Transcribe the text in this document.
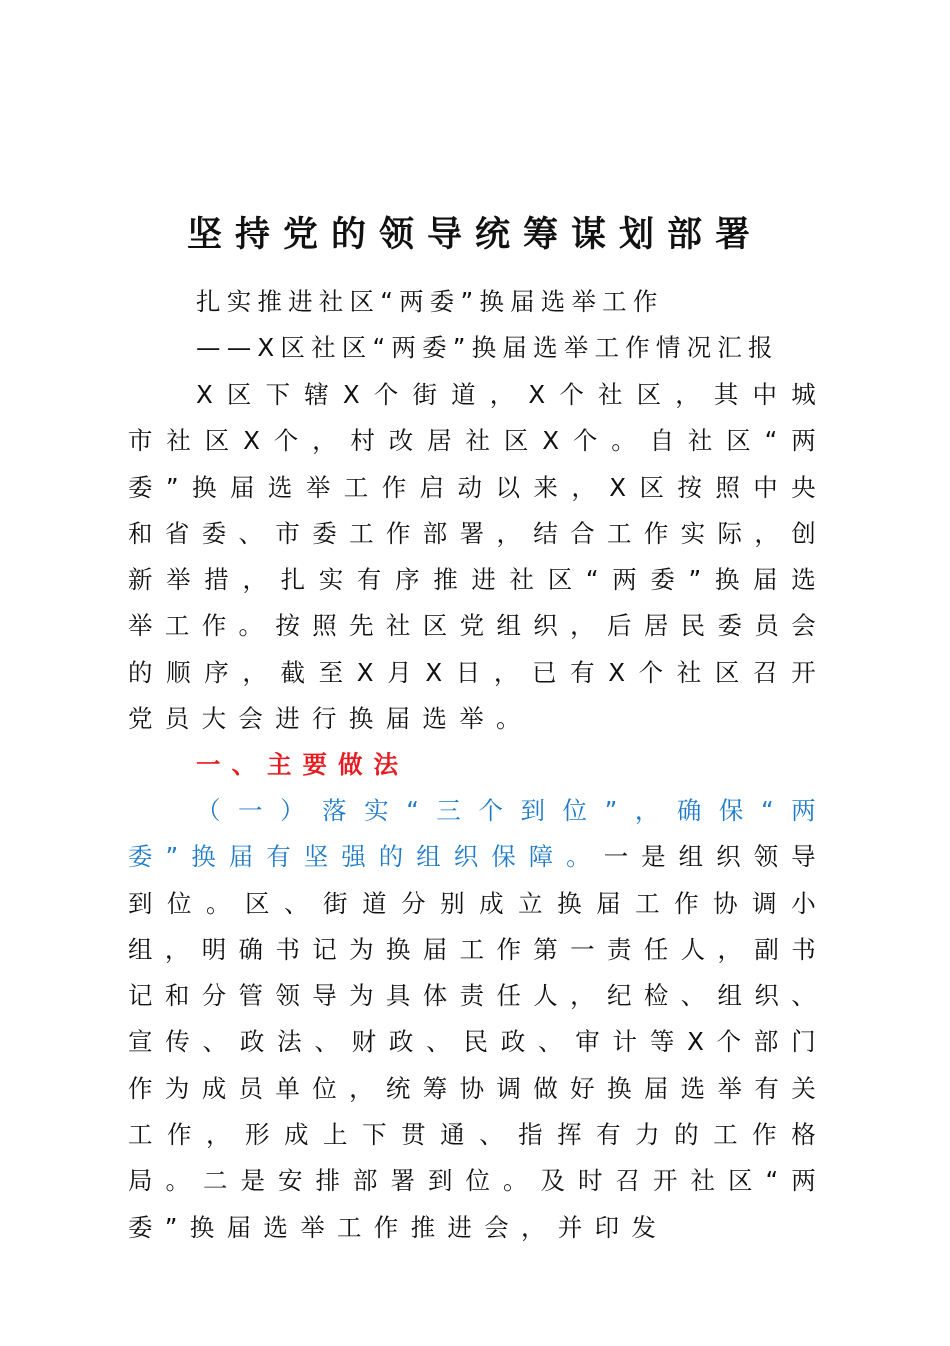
坚持党的领导统筹谋划部署
扎实推进社区“两委”换届选举工作
——X区社区“两委”换届选举工作情况汇报

X区下辖X个街道，X个社区，其中城市社区X个，村改居社区X个。自社区“两委”换届选举工作启动以来，X区按照中央和省委、市委工作部署，结合工作实际，创新举措，扎实有序推进社区“两委”换届选举工作。按照先社区党组织，后居民委员会的顺序，截至X月X日，已有X个社区召开党员大会进行换届选举。

一、主要做法

（一）落实“三个到位”，确保“两委”换届有坚强的组织保障。一是组织领导到位。区、街道分别成立换届工作协调小组，明确书记为换届工作第一责任人，副书记和分管领导为具体责任人，纪检、组织、宣传、政法、财政、民政、审计等X个部门作为成员单位，统筹协调做好换届选举有关工作，形成上下贯通、指挥有力的工作格局。二是安排部署到位。及时召开社区“两委”换届选举工作推进会，并印发
